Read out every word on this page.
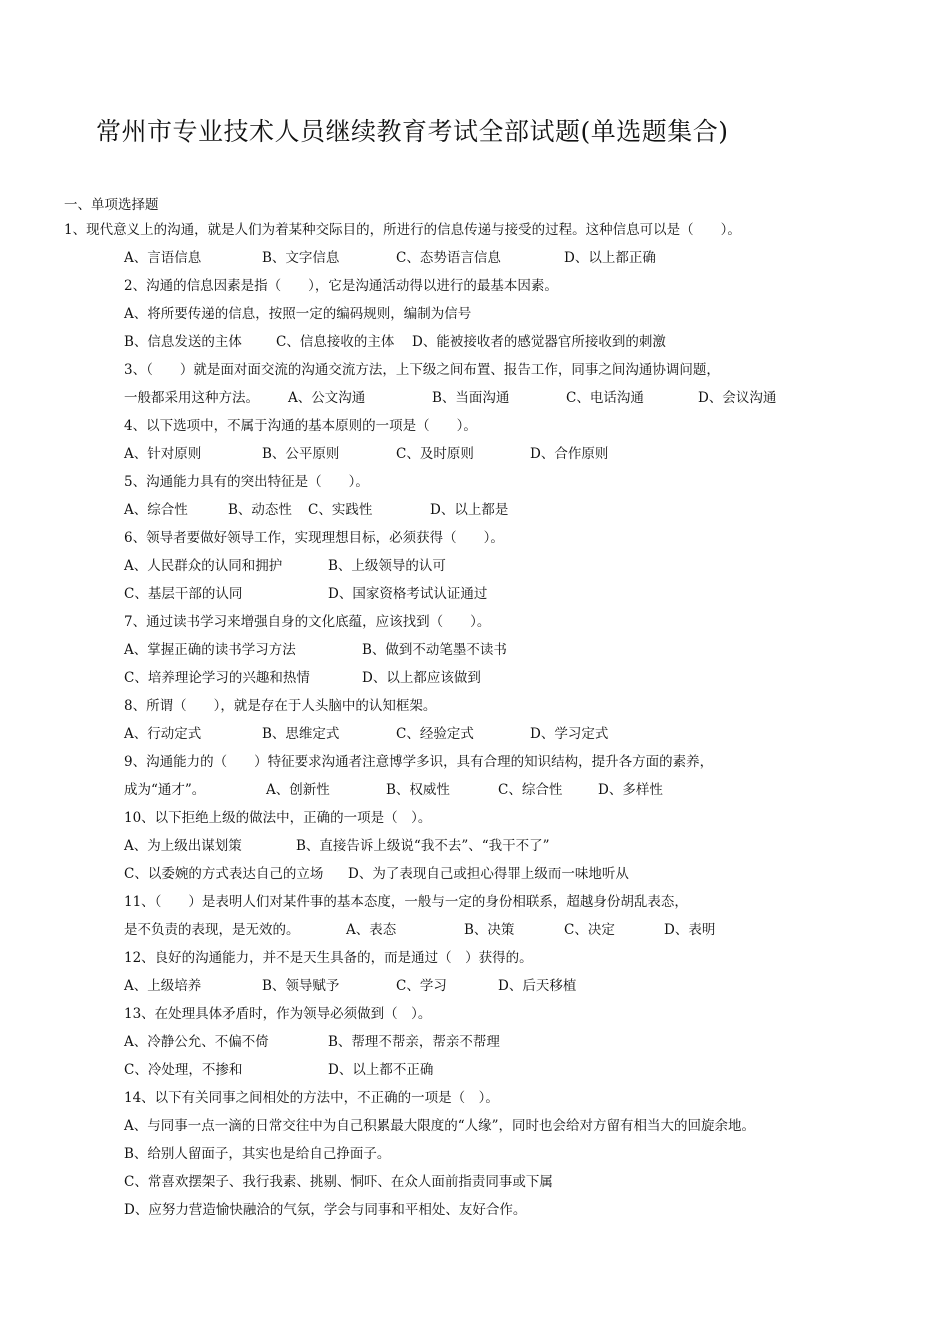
常州市专业技术人员继续教育考试全部试题(单选题集合)
一、单项选择题
1、现代意义上的沟通，就是人们为着某种交际目的，所进行的信息传递与接受的过程。这种信息可以是（　　）。
A、言语信息	B、文字信息	C、态势语言信息	D、以上都正确
2、沟通的信息因素是指（　　），它是沟通活动得以进行的最基本因素。
A、将所要传递的信息，按照一定的编码规则，编制为信号
B、信息发送的主体	C、信息接收的主体 D、能被接收者的感觉器官所接收到的刺激
3、（　　）就是面对面交流的沟通交流方法，上下级之间布置、报告工作，同事之间沟通协调问题，
一般都采用这种方法。 A、公文沟通	B、当面沟通	C、电话沟通	D、会议沟通
4、以下选项中，不属于沟通的基本原则的一项是（　　）。
A、针对原则	B、公平原则	C、及时原则	D、合作原则
5、沟通能力具有的突出特征是（　　）。
A、综合性	B、动态性 C、实践性	D、以上都是
6、领导者要做好领导工作，实现理想目标，必须获得（　　）。
A、人民群众的认同和拥护	B、上级领导的认可
C、基层干部的认同	D、国家资格考试认证通过
7、通过读书学习来增强自身的文化底蕴，应该找到（　　）。
A、掌握正确的读书学习方法	B、做到不动笔墨不读书
C、培养理论学习的兴趣和热情	D、以上都应该做到
8、所谓（　　），就是存在于人头脑中的认知框架。
A、行动定式	B、思维定式	C、经验定式	D、学习定式
9、沟通能力的（　　）特征要求沟通者注意博学多识，具有合理的知识结构，提升各方面的素养，
成为“通才”。	A、创新性	B、权威性	C、综合性	D、多样性
10、以下拒绝上级的做法中，正确的一项是（　）。
A、为上级出谋划策	B、直接告诉上级说“我不去”、“我干不了”
C、以委婉的方式表达自己的立场 D、为了表现自己或担心得罪上级而一味地听从
11、（　　）是表明人们对某件事的基本态度，一般与一定的身份相联系，超越身份胡乱表态，
是不负责的表现，是无效的。	A、表态	B、决策	C、决定	D、表明
12、良好的沟通能力，并不是天生具备的，而是通过（　）获得的。
A、上级培养	B、领导赋予	C、学习	D、后天移植
13、在处理具体矛盾时，作为领导必须做到（　）。
A、冷静公允、不偏不倚	B、帮理不帮亲，帮亲不帮理
C、冷处理，不掺和	D、以上都不正确
14、以下有关同事之间相处的方法中，不正确的一项是（　）。
A、与同事一点一滴的日常交往中为自己积累最大限度的“人缘”，同时也会给对方留有相当大的回旋余地。
B、给别人留面子，其实也是给自己挣面子。
C、常喜欢摆架子、我行我素、挑剔、恫吓、在众人面前指责同事或下属
D、应努力营造愉快融洽的气氛，学会与同事和平相处、友好合作。
